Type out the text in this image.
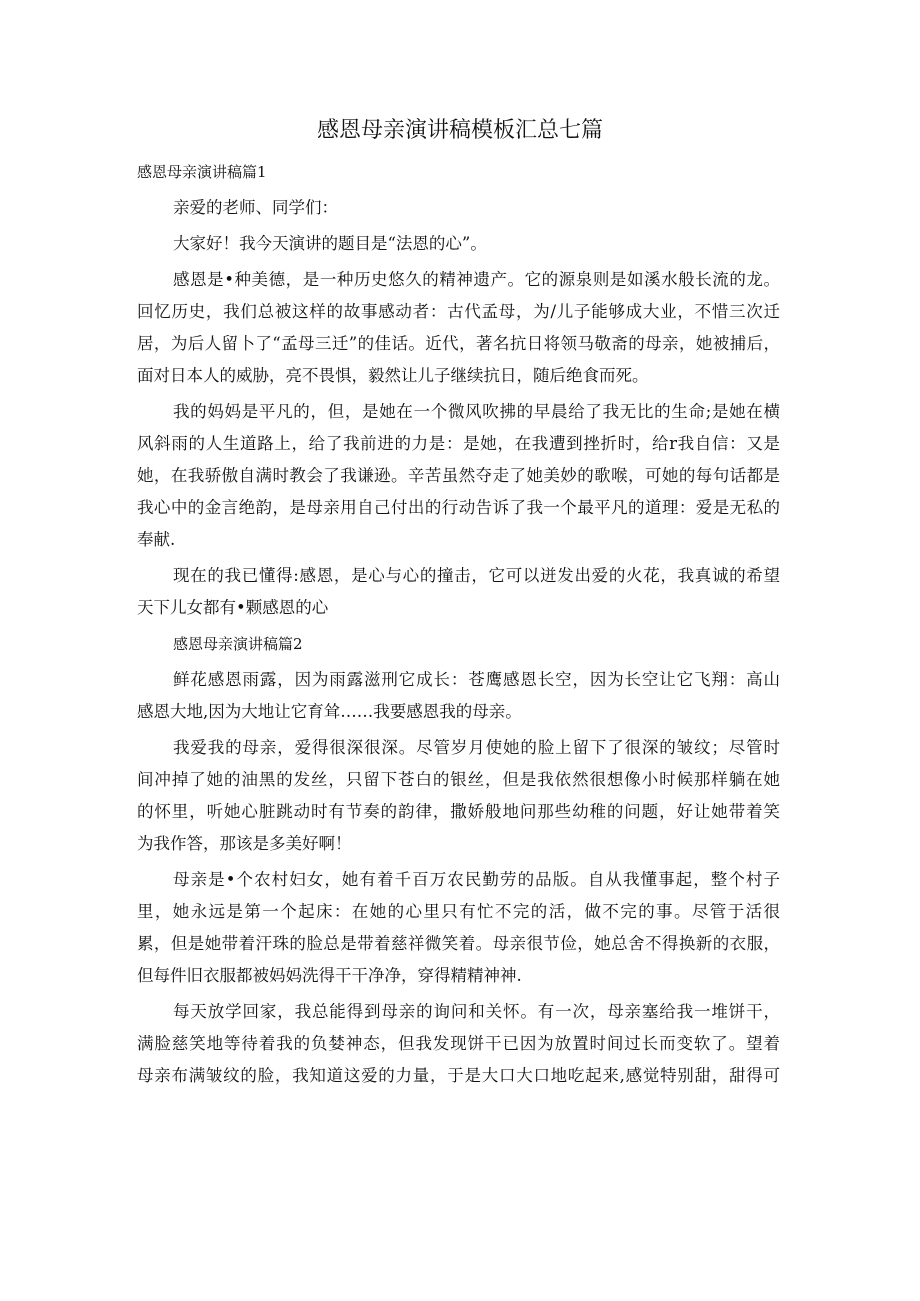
感恩母亲演讲稿模板汇总七篇
感恩母亲演讲稿篇1
亲爱的老师、同学们：
大家好！我今天演讲的题目是“法恩的心”。
感恩是•种美德，是一种历史悠久的精神遗产。它的源泉则是如溪水般长流的龙。
回忆历史，我们总被这样的故事感动者：古代孟母，为/儿子能够成大业，不惜三次迁
居，为后人留卜了“孟母三迁”的佳话。近代，著名抗日将领马敬斋的母亲，她被捕后，
面对日本人的威胁，亮不畏惧，毅然让儿子继续抗日，随后绝食而死。
我的妈妈是平凡的，但，是她在一个微风吹拂的早晨给了我无比的生命;是她在横
风斜雨的人生道路上，给了我前进的力是：是她，在我遭到挫折时，给r我自信：又是
她，在我骄傲自满时教会了我谦逊。辛苦虽然夺走了她美妙的歌喉，可她的每句话都是
我心中的金言绝韵，是母亲用自己付出的行动告诉了我一个最平凡的道理：爱是无私的
奉献.
现在的我已懂得:感恩，是心与心的撞击，它可以迸发出爱的火花，我真诚的希望
天下儿女都有•颗感恩的心
感恩母亲演讲稿篇2
鲜花感恩雨露，因为雨露滋刑它成长：苍鹰感恩长空，因为长空让它飞翔：高山
感恩大地,因为大地让它育耸……我要感恩我的母亲。
我爱我的母亲，爱得很深很深。尽管岁月使她的脸上留下了很深的皱纹；尽管时
间冲掉了她的油黑的发丝，只留下苍白的银丝，但是我依然很想像小时候那样躺在她
的怀里，听她心脏跳动时有节奏的韵律，撒娇般地问那些幼稚的问题，好让她带着笑
为我作答，那该是多美好啊！
母亲是•个农村妇女，她有着千百万农民勤劳的品版。自从我懂事起，整个村子
里，她永远是第一个起床：在她的心里只有忙不完的活，做不完的事。尽管于活很
累，但是她带着汗珠的脸总是带着慈祥微笑着。母亲很节俭，她总舍不得换新的衣服，
但每件旧衣服都被妈妈洗得干干净净，穿得精精神神.
每天放学回家，我总能得到母亲的询问和关怀。有一次，母亲塞给我一堆饼干，
满脸慈笑地等待着我的负婪神态，但我发现饼干已因为放置时间过长而变软了。望着
母亲布满皱纹的脸，我知道这爱的力量，于是大口大口地吃起来,感觉特别甜，甜得可
